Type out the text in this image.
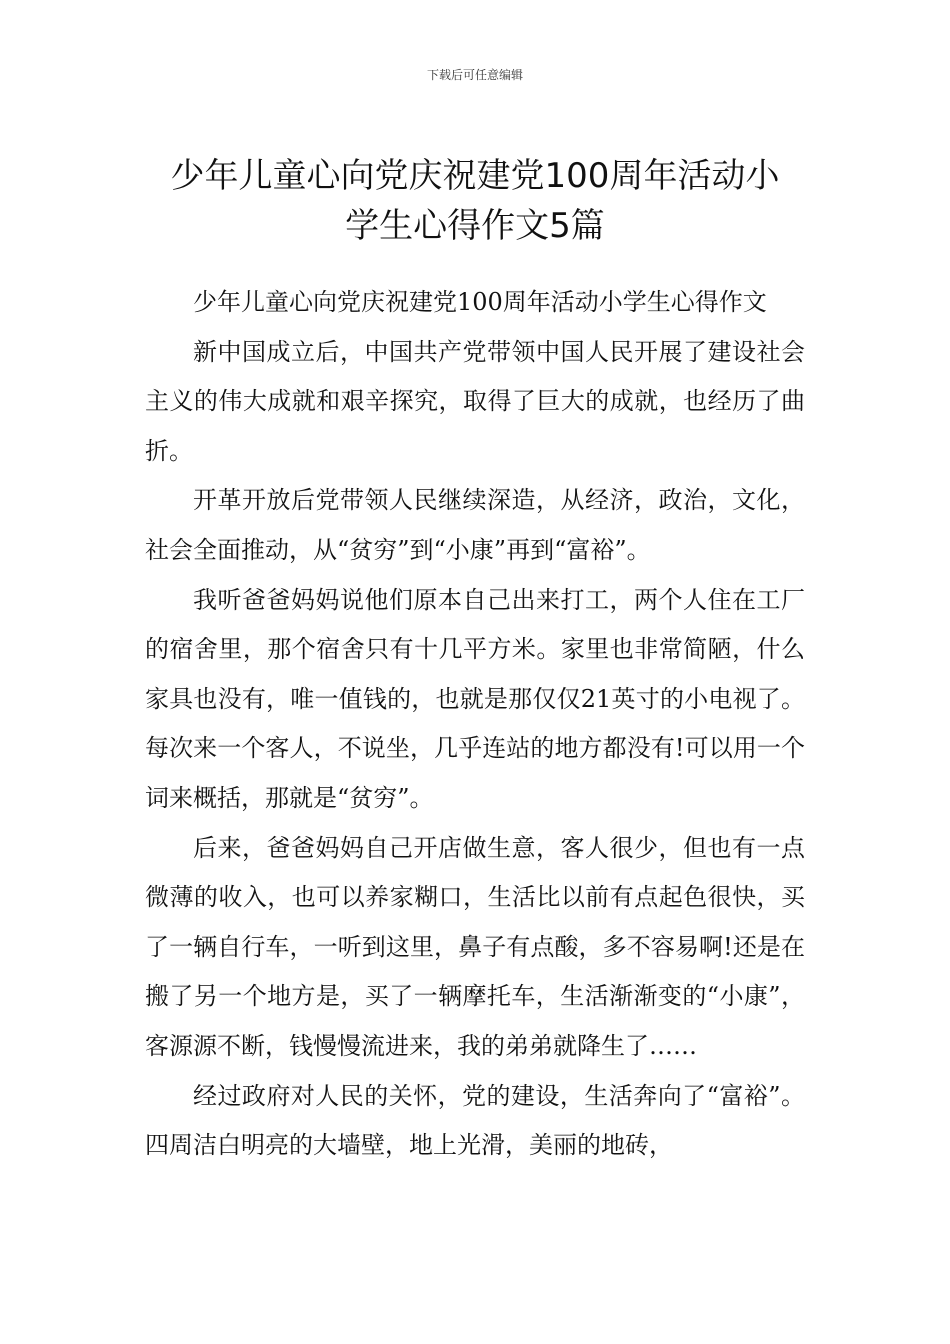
下载后可任意编辑
少年儿童心向党庆祝建党100周年活动小
学生心得作文5篇

少年儿童心向党庆祝建党100周年活动小学生心得作文

新中国成立后，中国共产党带领中国人民开展了建设社会主义的伟大成就和艰辛探究，取得了巨大的成就，也经历了曲折。

开革开放后党带领人民继续深造，从经济，政治，文化，社会全面推动，从“贫穷”到“小康”再到“富裕”。

我听爸爸妈妈说他们原本自己出来打工，两个人住在工厂的宿舍里，那个宿舍只有十几平方米。家里也非常简陋，什么家具也没有，唯一值钱的，也就是那仅仅21英寸的小电视了。每次来一个客人，不说坐，几乎连站的地方都没有!可以用一个词来概括，那就是“贫穷”。

后来，爸爸妈妈自己开店做生意，客人很少，但也有一点微薄的收入，也可以养家糊口，生活比以前有点起色很快，买了一辆自行车，一听到这里，鼻子有点酸，多不容易啊!还是在搬了另一个地方是，买了一辆摩托车，生活渐渐变的“小康”，客源源不断，钱慢慢流进来，我的弟弟就降生了……

经过政府对人民的关怀，党的建设，生活奔向了“富裕”。四周洁白明亮的大墙壁，地上光滑，美丽的地砖，
